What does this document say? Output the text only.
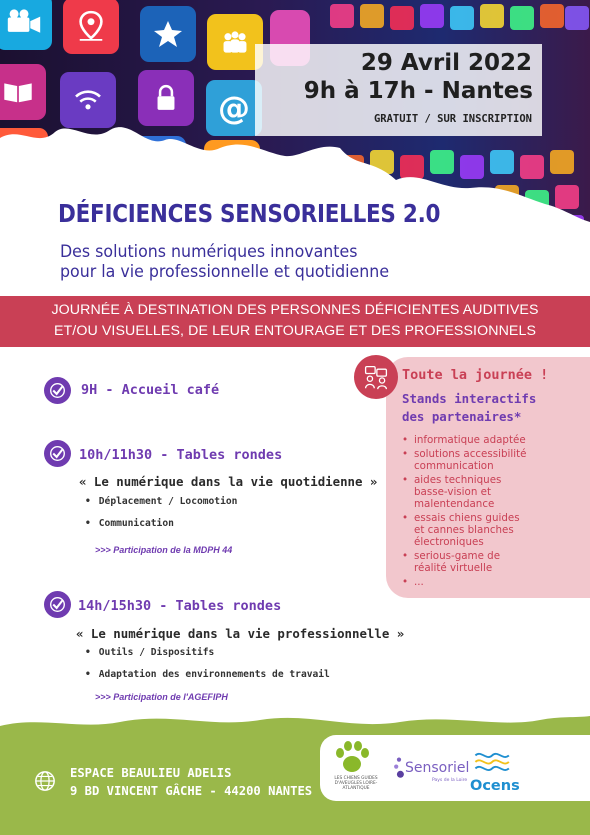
@
29 Avril 2022
9h à 17h - Nantes
GRATUIT / SUR INSCRIPTION
DÉFICIENCES SENSORIELLES 2.0
Des solutions numériques innovantes
pour la vie professionnelle et quotidienne
JOURNÉE À DESTINATION DES PERSONNES DÉFICIENTES AUDITIVES
ET/OU VISUELLES, DE LEUR ENTOURAGE ET DES PROFESSIONNELS
9H - Accueil café
10h/11h30 - Tables rondes
« Le numérique dans la vie quotidienne »
• Déplacement / Locomotion
• Communication
>>> Participation de la MDPH 44
14h/15h30 - Tables rondes
« Le numérique dans la vie professionnelle »
• Outils / Dispositifs
• Adaptation des environnements de travail
>>> Participation de l'AGEFIPH
Toute la journée !
Stands interactifs
des partenaires*
• informatique adaptée
• solutions accessibilité
communication
• aides techniques
basse-vision et
malentendance
• essais chiens guides
et cannes blanches
électroniques
• serious-game de
réalité virtuelle
• ...
ESPACE BEAULIEU ADELIS
9 BD VINCENT GÂCHE - 44200 NANTES
LES CHIENS GUIDES D'AVEUGLES LOIRE-ATLANTIQUE
Sensoriel
Pays de la Loire Ocens
